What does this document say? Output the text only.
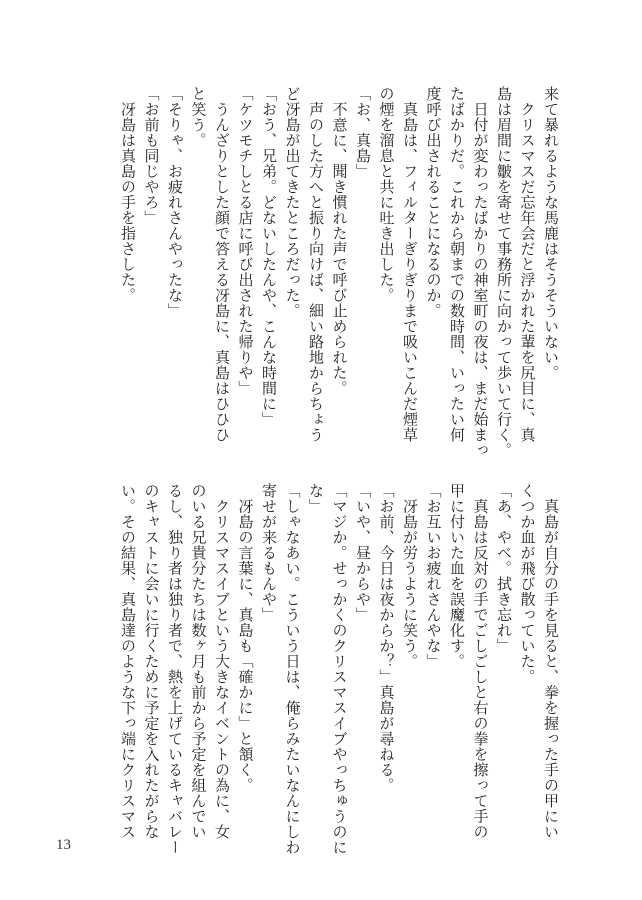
来て暴れるような馬鹿はそうそういない。
　クリスマスだ忘年会だと浮かれた輩を尻目に、真
島は眉間に皺を寄せて事務所に向かって歩いて行く。
　日付が変わったばかりの神室町の夜は、まだ始まっ
たばかりだ。これから朝までの数時間、いったい何
度呼び出されることになるのか。
　真島は、フィルターぎりぎりまで吸いこんだ煙草
の煙を溜息と共に吐き出した。
「お、真島」
　不意に、聞き慣れた声で呼び止められた。
　声のした方へと振り向けば、細い路地からちょう
ど冴島が出てきたところだった。
「おう、兄弟。どないしたんや、こんな時間に」
「ケツモチしとる店に呼び出された帰りや」
　うんざりとした顔で答える冴島に、真島はひひひ
と笑う。
「そりゃ、お疲れさんやったな」
「お前も同じやろ」
　冴島は真島の手を指さした。
　真島が自分の手を見ると、拳を握った手の甲にい
くつか血が飛び散っていた。
「あ、やべ。拭き忘れ」
　真島は反対の手でごしごしと右の拳を擦って手の
甲に付いた血を誤魔化す。
「お互いお疲れさんやな」
　冴島が労うように笑う。
「お前、今日は夜からか？」真島が尋ねる。
「いや、昼からや」
「マジか。せっかくのクリスマスイブやっちゅうのに
な」
「しゃなあい。こういう日は、俺らみたいなんにしわ
寄せが来るもんや」
　冴島の言葉に、真島も「確かに」と頷く。
　クリスマスイブという大きなイベントの為に、女
のいる兄貴分たちは数ヶ月も前から予定を組んでい
るし、独り者は独り者で、熱を上げているキャバレー
のキャストに会いに行くために予定を入れたがらな
い。その結果、真島達のような下っ端にクリスマス
13
